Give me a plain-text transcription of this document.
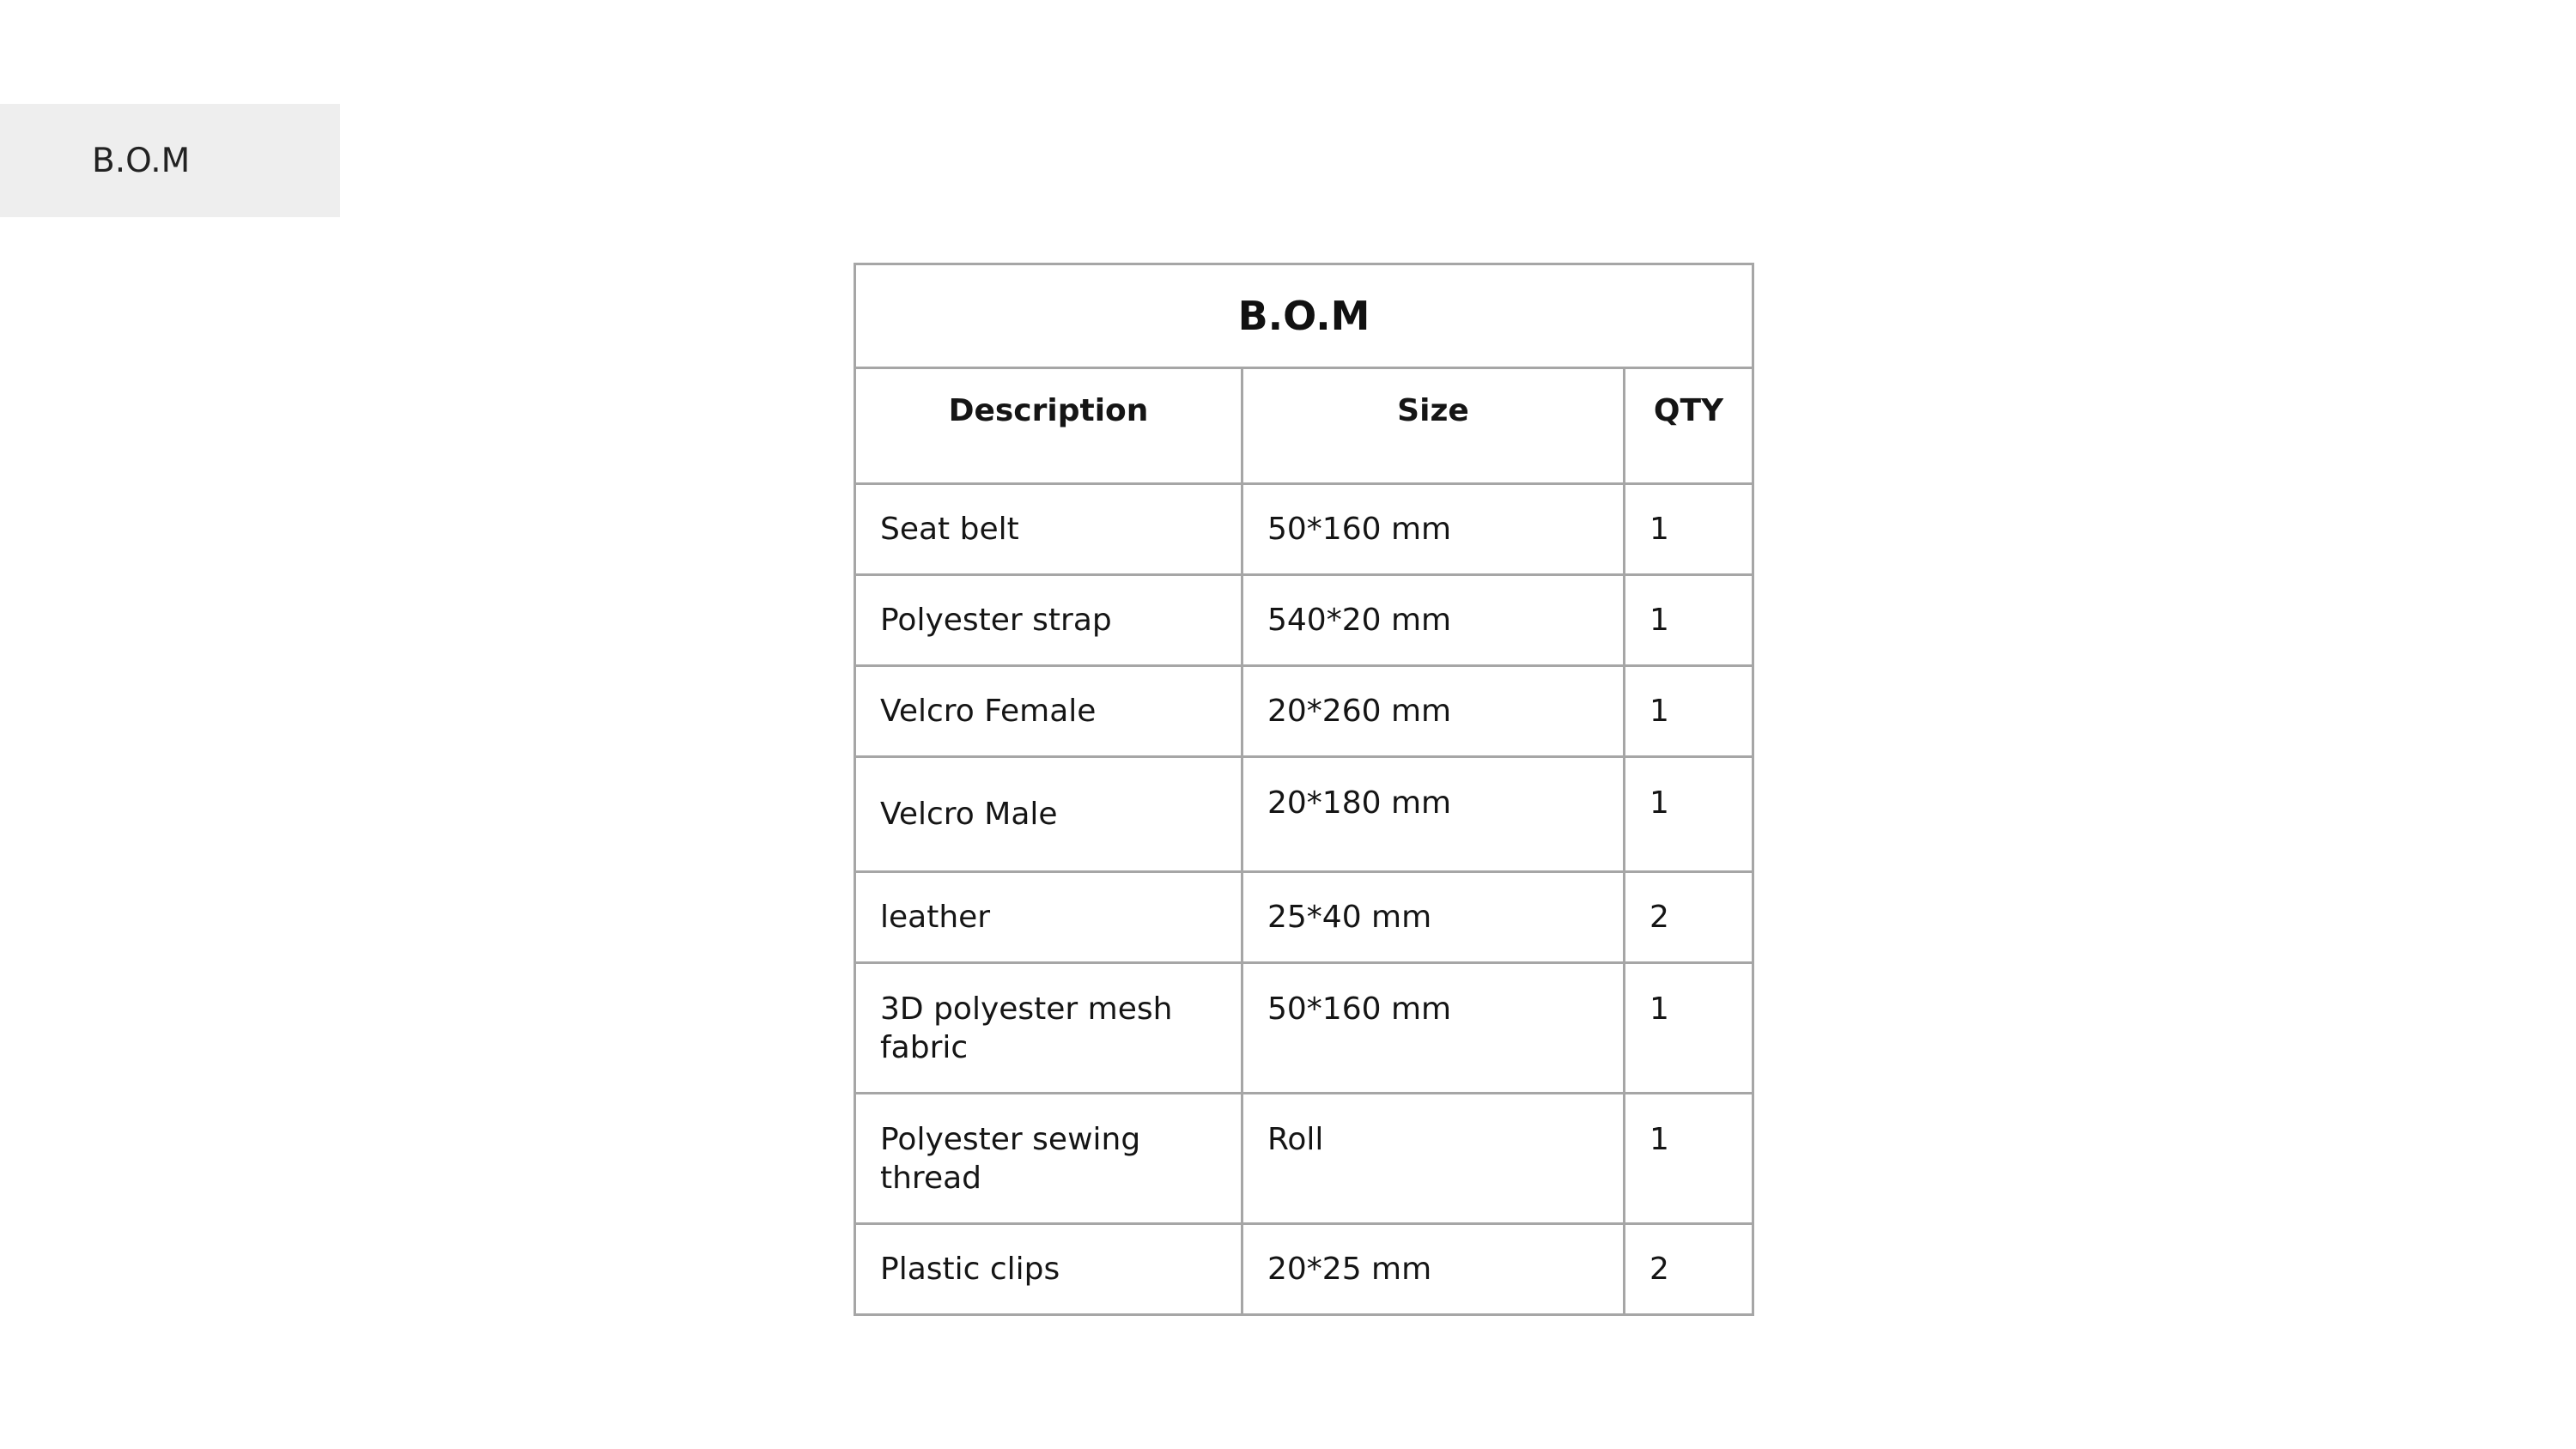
B.O.M
B.O.M		
Description	Size	QTY
Seat belt	50*160 mm	1
Polyester strap	540*20 mm	1
Velcro Female	20*260 mm	1
Velcro Male	20*180 mm	1
leather	25*40 mm	2
3D polyester mesh fabric	50*160 mm	1
Polyester sewing thread	Roll	1
Plastic clips	20*25 mm	2
